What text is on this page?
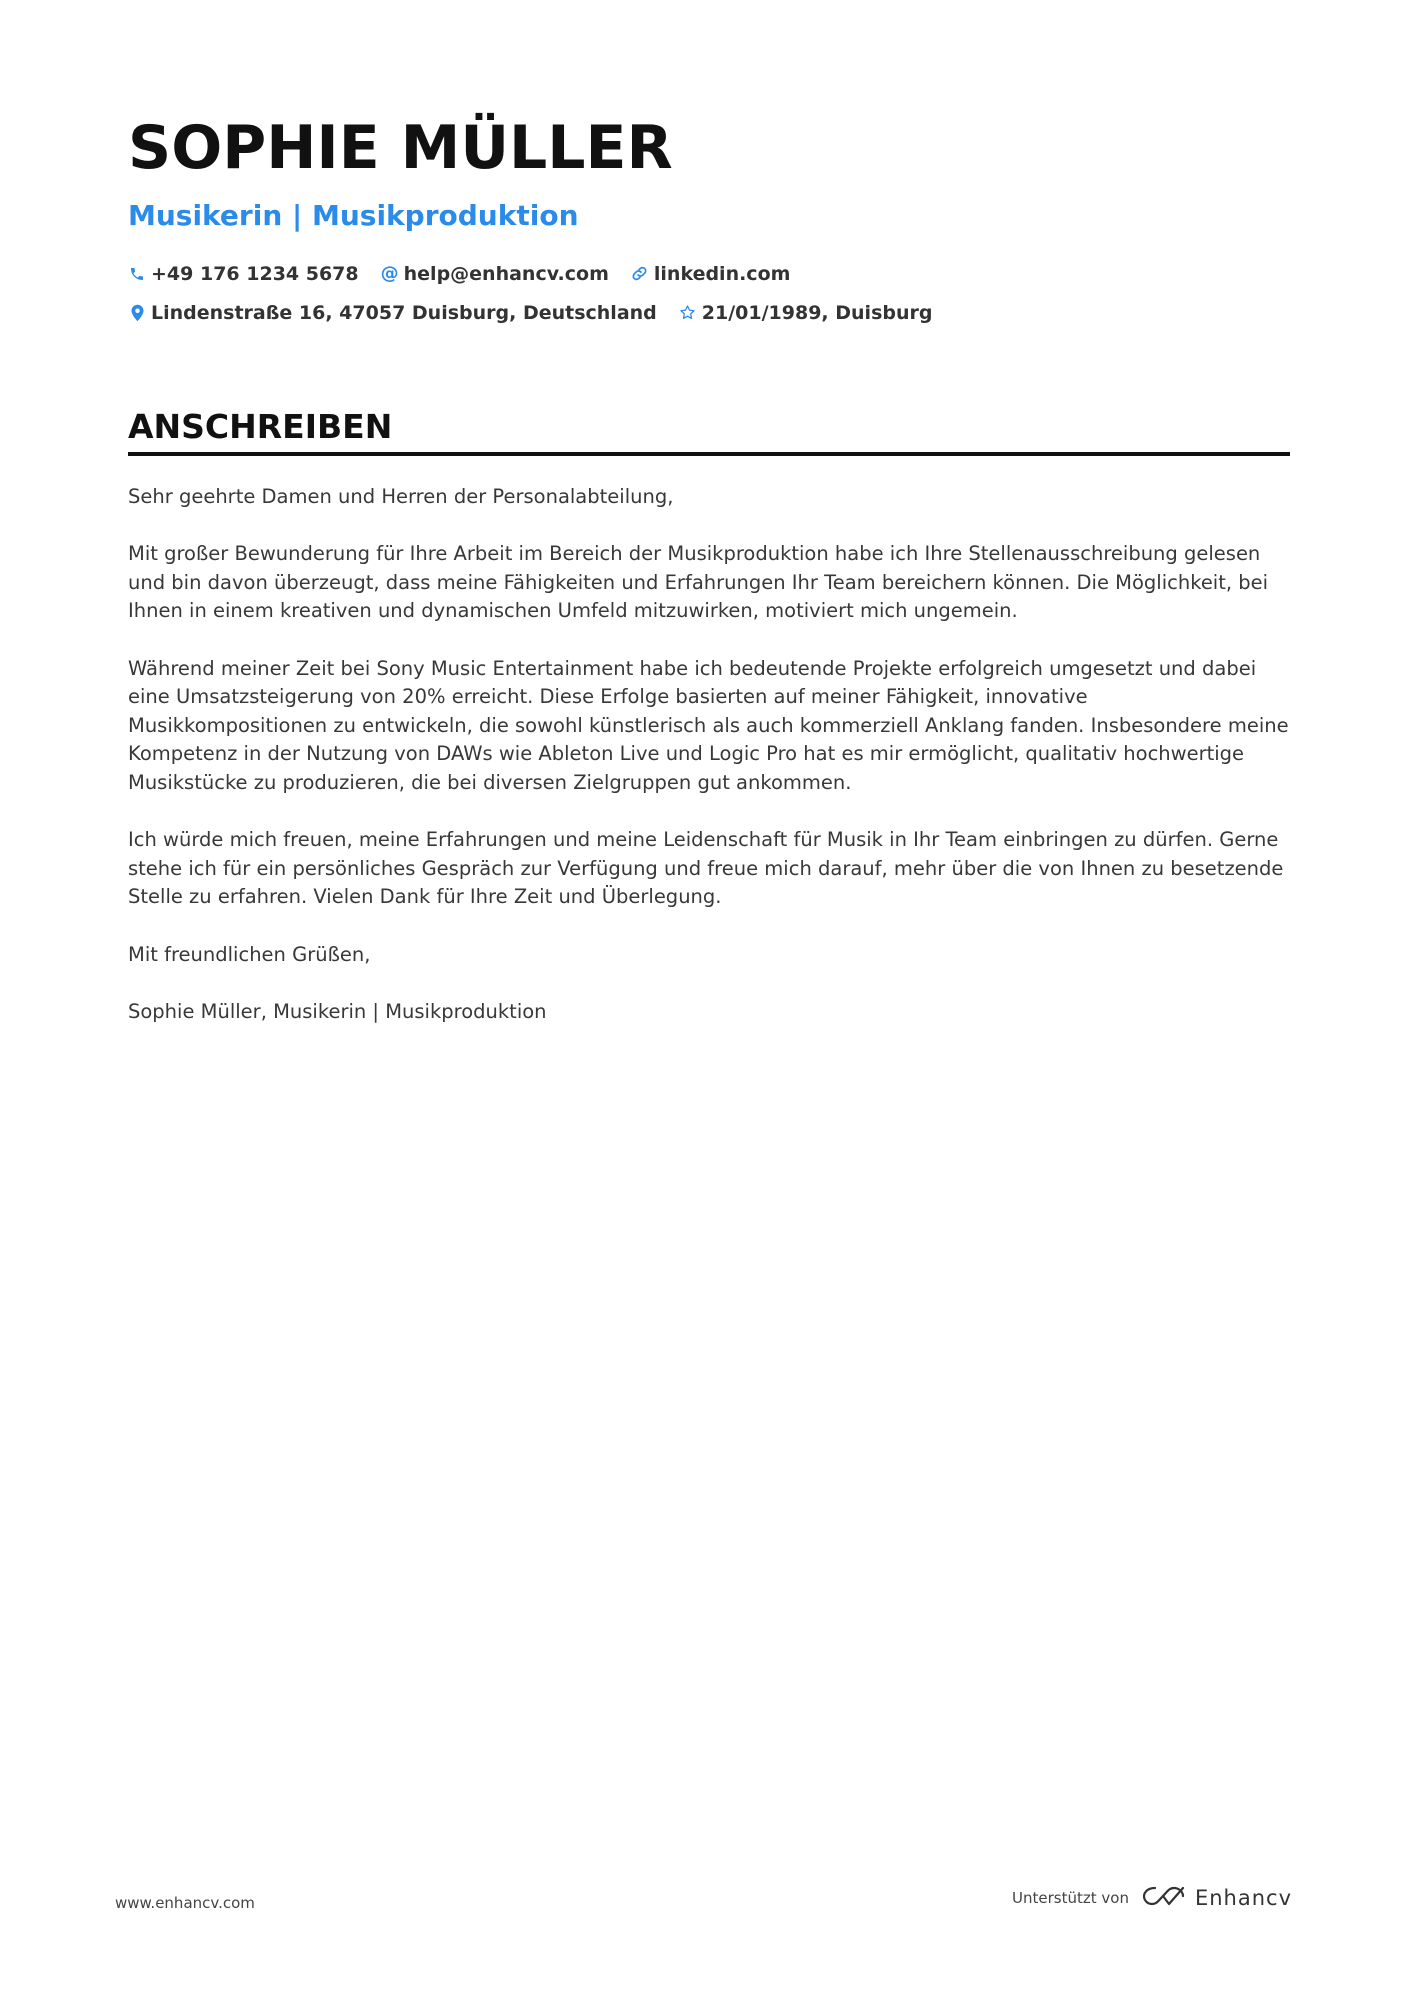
SOPHIE MÜLLER
Musikerin | Musikproduktion
+49 176 1234 5678 @ help@enhancv.com linkedin.com
Lindenstraße 16, 47057 Duisburg, Deutschland 21/01/1989, Duisburg
ANSCHREIBEN

Sehr geehrte Damen und Herren der Personalabteilung,

Mit großer Bewunderung für Ihre Arbeit im Bereich der Musikproduktion habe ich Ihre Stellenausschreibung gelesen und bin davon überzeugt, dass meine Fähigkeiten und Erfahrungen Ihr Team bereichern können. Die Möglichkeit, bei Ihnen in einem kreativen und dynamischen Umfeld mitzuwirken, motiviert mich ungemein.

Während meiner Zeit bei Sony Music Entertainment habe ich bedeutende Projekte erfolgreich umgesetzt und dabei eine Umsatzsteigerung von 20% erreicht. Diese Erfolge basierten auf meiner Fähigkeit, innovative Musikkompositionen zu entwickeln, die sowohl künstlerisch als auch kommerziell Anklang fanden. Insbesondere meine Kompetenz in der Nutzung von DAWs wie Ableton Live und Logic Pro hat es mir ermöglicht, qualitativ hochwertige Musikstücke zu produzieren, die bei diversen Zielgruppen gut ankommen.

Ich würde mich freuen, meine Erfahrungen und meine Leidenschaft für Musik in Ihr Team einbringen zu dürfen. Gerne stehe ich für ein persönliches Gespräch zur Verfügung und freue mich darauf, mehr über die von Ihnen zu besetzende Stelle zu erfahren. Vielen Dank für Ihre Zeit und Überlegung.

Mit freundlichen Grüßen,

Sophie Müller, Musikerin | Musikproduktion

www.enhancv.com	Unterstützt von	Enhancv
